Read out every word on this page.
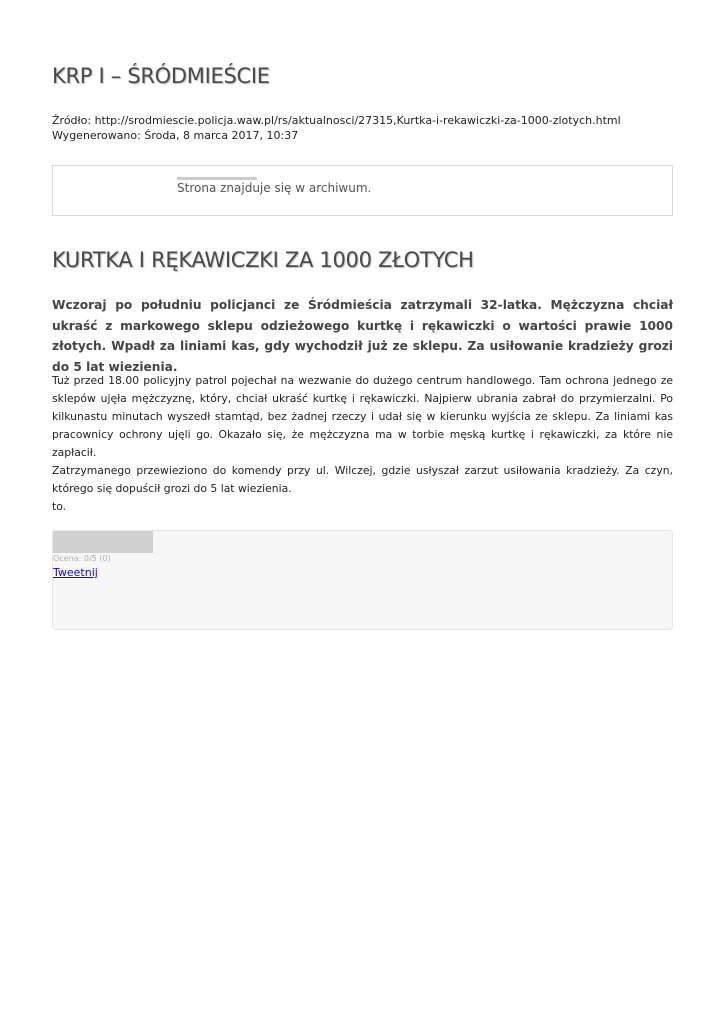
KRP I – ŚRÓDMIEŚCIE
Źródło: http://srodmiescie.policja.waw.pl/rs/aktualnosci/27315,Kurtka-i-rekawiczki-za-1000-zlotych.html
Wygenerowano: Środa, 8 marca 2017, 10:37
Strona znajduje się w archiwum.
KURTKA I RĘKAWICZKI ZA 1000 ZŁOTYCH

Wczoraj po południu policjanci ze Śródmieścia zatrzymali 32-latka. Mężczyzna chciał ukraść z markowego sklepu odzieżowego kurtkę i rękawiczki o wartości prawie 1000 złotych. Wpadł za liniami kas, gdy wychodził już ze sklepu. Za usiłowanie kradzieży grozi do 5 lat wiezienia.

Tuż przed 18.00 policyjny patrol pojechał na wezwanie do dużego centrum handlowego. Tam ochrona jednego ze sklepów ujęła mężczyznę, który, chciał ukraść kurtkę i rękawiczki. Najpierw ubrania zabrał do przymierzalni. Po kilkunastu minutach wyszedł stamtąd, bez żadnej rzeczy i udał się w kierunku wyjścia ze sklepu. Za liniami kas pracownicy ochrony ujęli go. Okazało się, że mężczyzna ma w torbie męską kurtkę i rękawiczki, za które nie zapłacił.

Zatrzymanego przewieziono do komendy przy ul. Wilczej, gdzie usłyszał zarzut usiłowania kradzieży. Za czyn, którego się dopuścił grozi do 5 lat wiezienia.

to.

Ocena: 0/5 (0)
Tweetnij
